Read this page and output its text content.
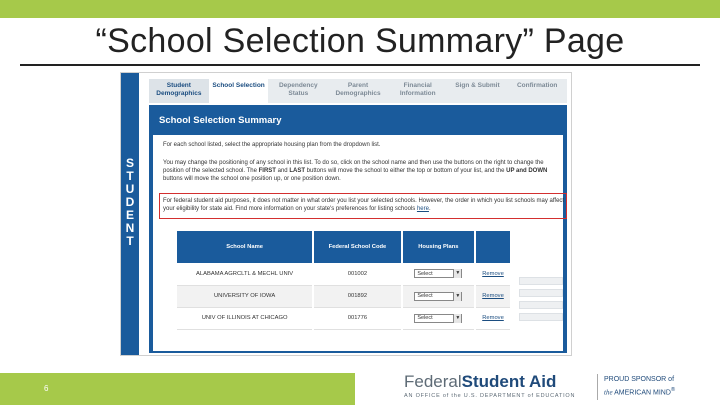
“School Selection Summary” Page
S
T
U
D
E
N
T
Student Demographics
School Selection	Dependency Status
Parent Demographics
Financial Information
Sign & Submit	Confirmation
School Selection Summary
For each school listed, select the appropriate housing plan from the dropdown list.
You may change the positioning of any school in this list. To do so, click on the school name and then use the buttons on the right to change the position of the selected school. The FIRST and LAST buttons will move the school to either the top or bottom of your list, and the UP and DOWN buttons will move the school one position up, or one position down.
For federal student aid purposes, it does not matter in what order you list your selected schools. However, the order in which you list schools may affect your eligibility for state aid. Find more information on your state's preferences for listing schools here.
School Name	Federal School Code	Housing Plans	
ALABAMA AGRCLTL & MECHL UNIV	001002	Select ▼	Remove
UNIVERSITY OF IOWA	001892	Select ▼	Remove
UNIV OF ILLINOIS AT CHICAGO	001776	Select ▼	Remove
6	FederalStudent Aid
AN OFFICE of the U.S. DEPARTMENT of EDUCATION
PROUD SPONSOR of
the AMERICAN MIND®
